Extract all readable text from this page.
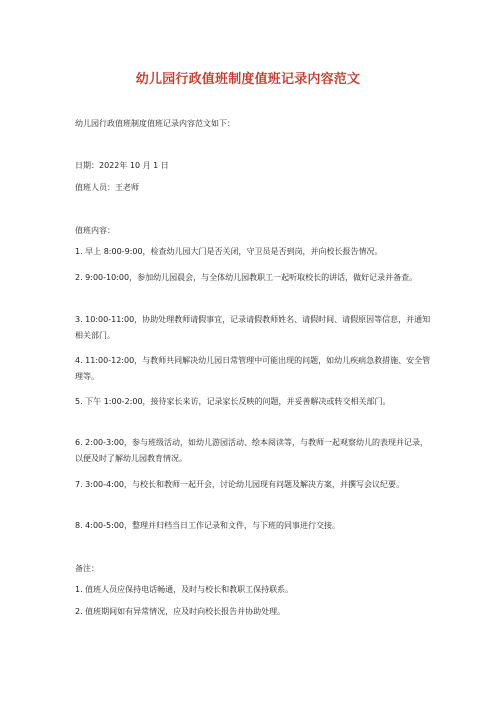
幼儿园行政值班制度值班记录内容范文
幼儿园行政值班制度值班记录内容范文如下：
日期：2022年 10 月 1 日
值班人员：王老师
值班内容：
1. 早上 8:00-9:00，检查幼儿园大门是否关闭，守卫员是否到岗，并向校长报告情况。
2. 9:00-10:00，参加幼儿园晨会，与全体幼儿园教职工一起听取校长的讲话，做好记录并备查。
3. 10:00-11:00，协助处理教师请假事宜，记录请假教师姓名、请假时间、请假原因等信息，并通知相关部门。
4. 11:00-12:00，与教师共同解决幼儿园日常管理中可能出现的问题，如幼儿疾病急救措施、安全管理等。
5. 下午 1:00-2:00，接待家长来访，记录家长反映的问题，并妥善解决或转交相关部门。
6. 2:00-3:00，参与班级活动，如幼儿游园活动、绘本阅读等，与教师一起观察幼儿的表现并记录，以便及时了解幼儿园教育情况。
7. 3:00-4:00，与校长和教师一起开会，讨论幼儿园现有问题及解决方案，并撰写会议纪要。
8. 4:00-5:00，整理并归档当日工作记录和文件，与下班的同事进行交接。
备注：
1. 值班人员应保持电话畅通，及时与校长和教职工保持联系。
2. 值班期间如有异常情况，应及时向校长报告并协助处理。
